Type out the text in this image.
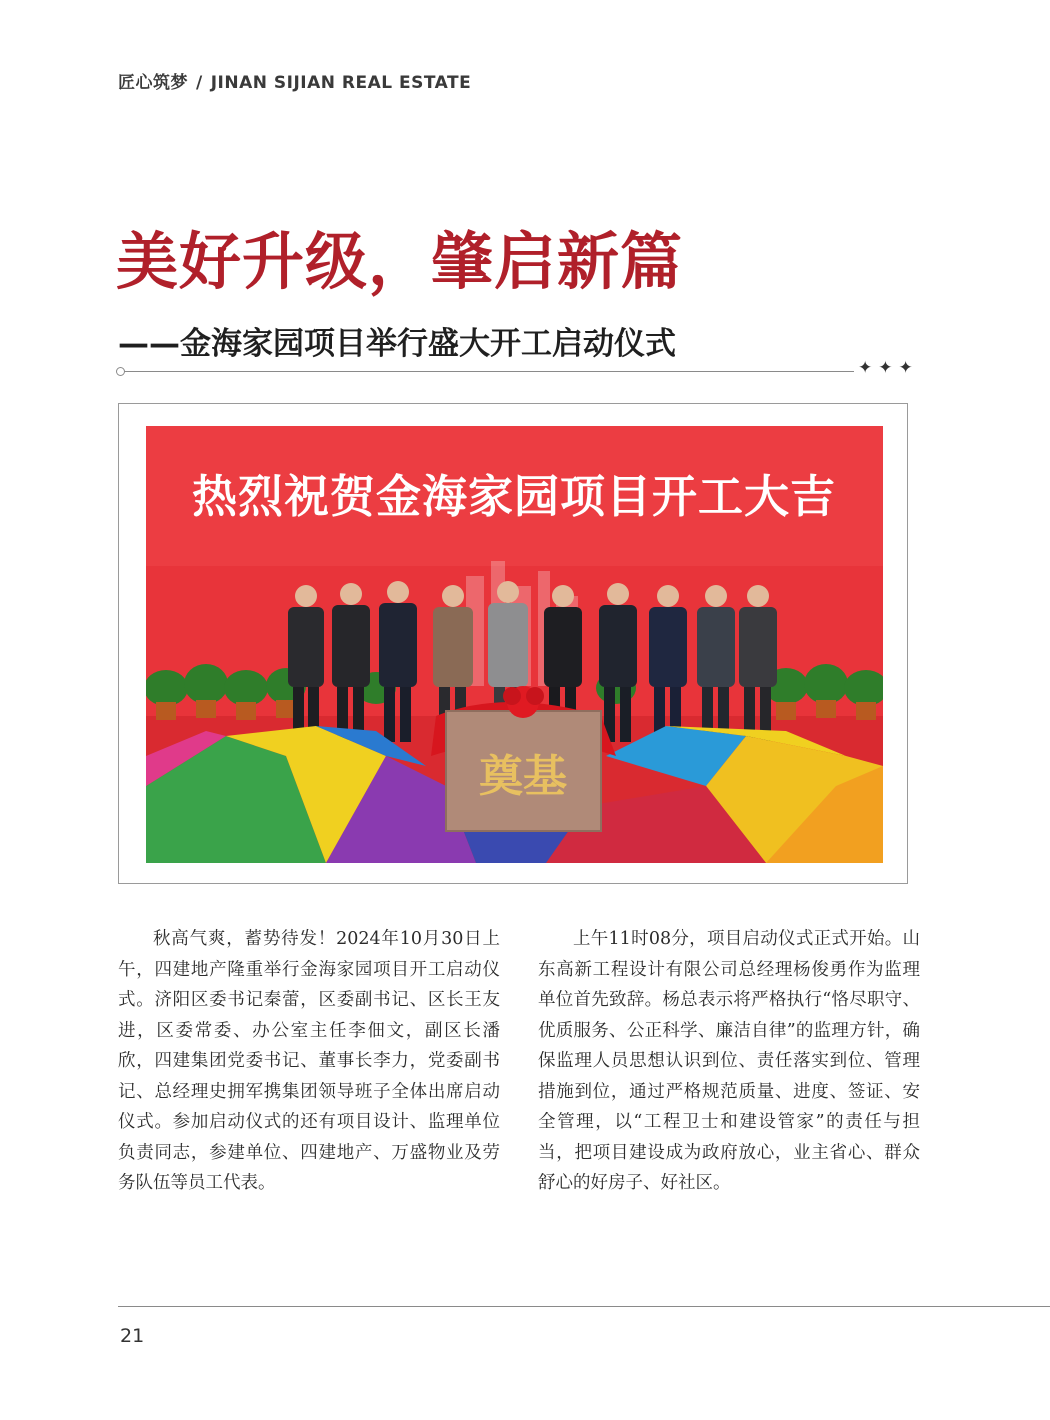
匠心筑梦 / JINAN SIJIAN REAL ESTATE
美好升级，肇启新篇
——金海家园项目举行盛大开工启动仪式
✦✦✦
热烈祝贺金海家园项目开工大吉
奠基

秋高气爽，蓄势待发！2024年10月30日上午，四建地产隆重举行金海家园项目开工启动仪式。济阳区委书记秦蕾，区委副书记、区长王友进，区委常委、办公室主任李佃文，副区长潘欣，四建集团党委书记、董事长李力，党委副书记、总经理史拥军携集团领导班子全体出席启动仪式。参加启动仪式的还有项目设计、监理单位负责同志，参建单位、四建地产、万盛物业及劳务队伍等员工代表。

上午11时08分，项目启动仪式正式开始。山东高新工程设计有限公司总经理杨俊勇作为监理单位首先致辞。杨总表示将严格执行“恪尽职守、优质服务、公正科学、廉洁自律”的监理方针，确保监理人员思想认识到位、责任落实到位、管理措施到位，通过严格规范质量、进度、签证、安全管理，以“工程卫士和建设管家”的责任与担当，把项目建设成为政府放心，业主省心、群众舒心的好房子、好社区。

21
